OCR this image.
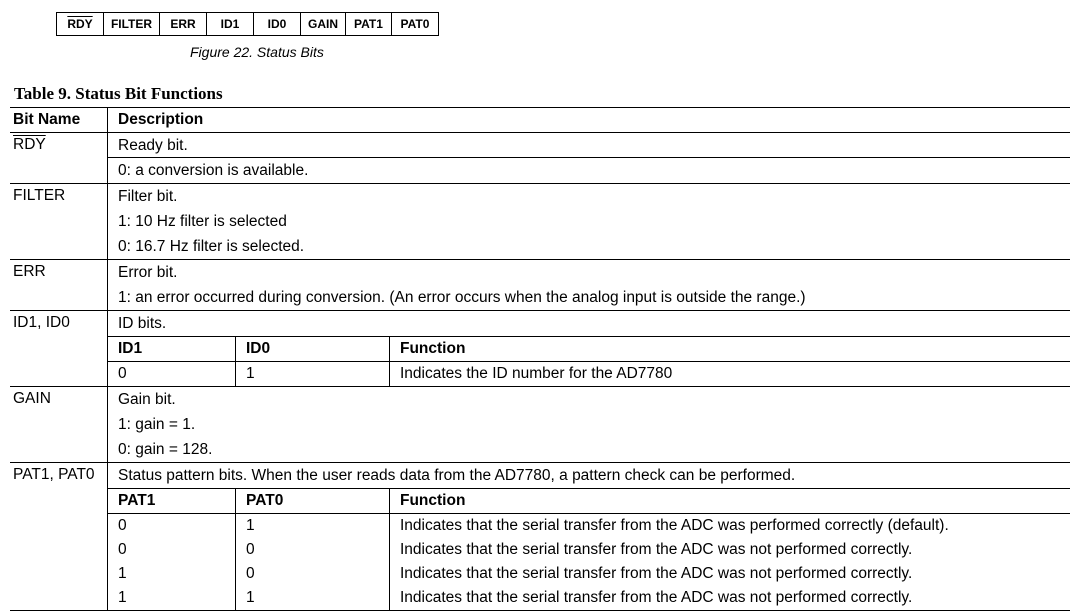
$\overline{RDY}$ FILTER ERR ID1 ID0 GAIN PAT1 PAT0
Figure 22. Status Bits
Table 9. Status Bit Functions
Bit Name	Description
$\overline{RDY}$	Ready bit.
0: a conversion is available.

FILTER	Filter bit.
1: 10 Hz filter is selected
0: 16.7 Hz filter is selected.

ERR	Error bit.
1: an error occurred during conversion. (An error occurs when the analog input is outside the range.)

ID1, ID0	ID bits.
ID1	ID0	Function
0	1	Indicates the ID number for the AD7780

GAIN	Gain bit.
1: gain = 1.
0: gain = 128.

PAT1, PAT0	Status pattern bits. When the user reads data from the AD7780, a pattern check can be performed.
PAT1	PAT0	Function
0	1	Indicates that the serial transfer from the ADC was performed correctly (default).
0	0	Indicates that the serial transfer from the ADC was not performed correctly.
1	0	Indicates that the serial transfer from the ADC was not performed correctly.
1	1	Indicates that the serial transfer from the ADC was not performed correctly.
